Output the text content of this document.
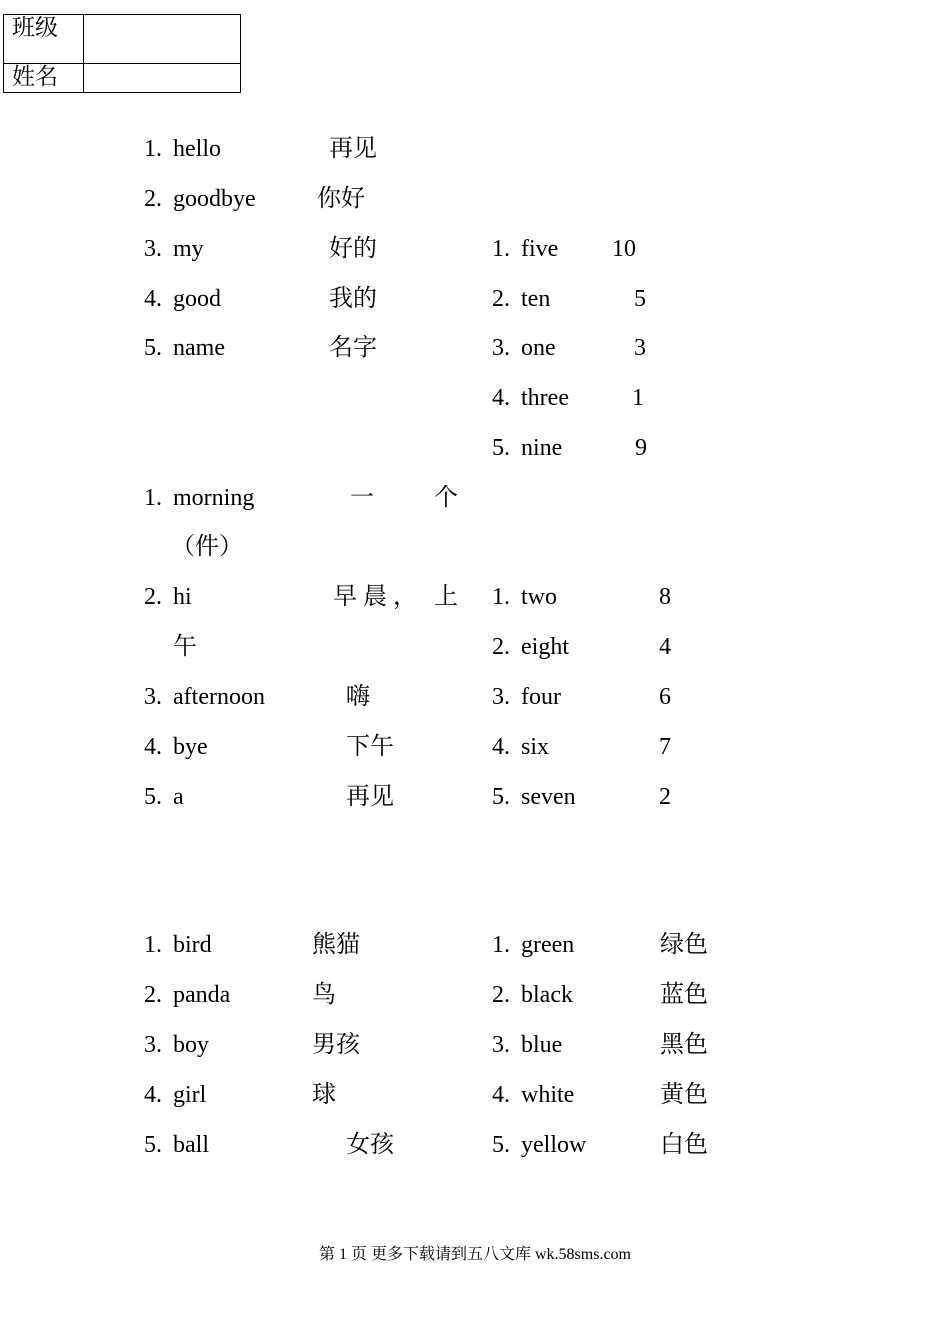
班级	
姓名	
1. hello	再见
2. goodbye	你好
3. my	好的
4. good	我的
5. name	名字
1. five 10
2. ten	5
3. one	3
4. three	1
5. nine	9
1. morning	一	个
（件）
2. hi	早 晨 ， 上
午
3. afternoon	嗨
4. bye	下午
5. a	再见
1. two	8
2. eight	4
3. four	6
4. six	7
5. seven	2
1. bird	熊猫
2. panda	鸟
3. boy	男孩
4. girl	球
5. ball	女孩
1. green	绿色
2. black	蓝色
3. blue	黑色
4. white	黄色
5. yellow	白色
第 1 页 更多下载请到五八文库 wk.58sms.com
